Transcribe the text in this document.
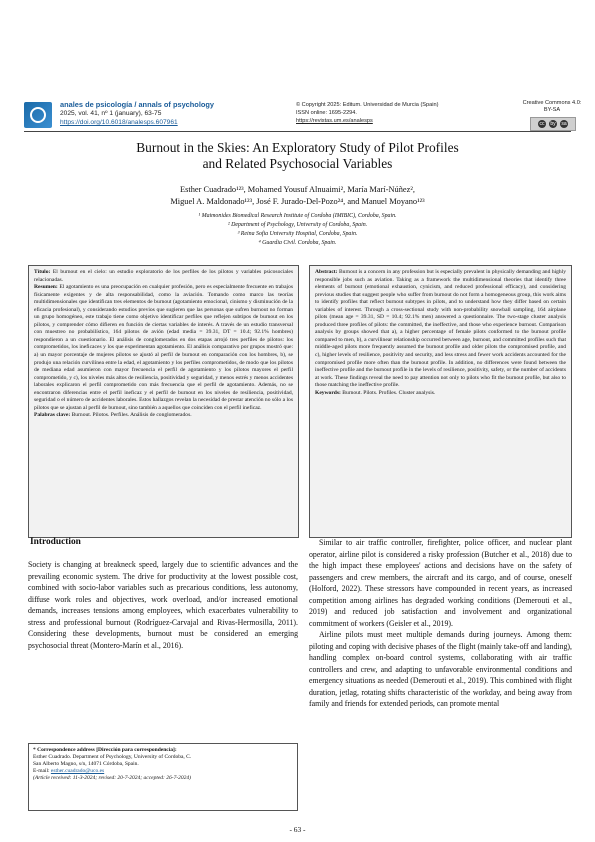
anales de psicología / annals of psychology
2025, vol. 41, nº 1 (january), 63-75
https://doi.org/10.6018/analesps.607961
© Copyright 2025: Editum. Universidad de Murcia (Spain)
ISSN online: 1695-2294.
https://revistas.um.es/analesps
Creative Commons 4.0: BY-SA
cc	by sa
Burnout in the Skies: An Exploratory Study of Pilot Profiles
and Related Psychosocial Variables
Esther Cuadrado¹²³, Mohamed Yousuf Alnuaimi², María Marí-Núñez²,
Miguel A. Maldonado¹²³, José F. Jurado-Del-Pozo²⁴, and Manuel Moyano¹²³
¹ Maimonides Biomedical Research Institute of Cordoba (IMIBIC), Cordoba, Spain.
² Department of Psychology, University of Cordoba, Spain.
³ Reina Sofia University Hospital, Cordoba, Spain.
⁴ Guardia Civil. Cordoba, Spain.

Título: El burnout en el cielo: un estudio exploratorio de los perfiles de los pilotos y variables psicosociales relacionadas.

Resumen: El agotamiento es una preocupación en cualquier profesión, pero es especialmente frecuente en trabajos físicamente exigentes y de alta responsabilidad, como la aviación. Tomando como marco las teorías multidimensionales que identifican tres elementos de burnout (agotamiento emocional, cinismo y disminución de la eficacia profesional), y considerando estudios previos que sugieren que las personas que sufren burnout no forman un grupo homogéneo, este trabajo tiene como objetivo identificar perfiles que reflejen subtipos de burnout en los pilotos, y comprender cómo difieren en función de ciertas variables de interés. A través de un estudio transversal con muestreo no probabilístico, 164 pilotos de avión (edad media = 39.31, DT = 10.4; 92.1% hombres) respondieron a un cuestionario. El análisis de conglomerados en dos etapas arrojó tres perfiles de pilotos: los comprometidos, los ineficaces y los que experimentan agotamiento. El análisis comparativo por grupos mostró que: a) un mayor porcentaje de mujeres pilotos se ajustó al perfil de burnout en comparación con los hombres, b), se produjo una relación curvilínea entre la edad, el agotamiento y los perfiles comprometidos, de modo que los pilotos de mediana edad asumieron con mayor frecuencia el perfil de agotamiento y los pilotos mayores el perfil comprometido, y c), los niveles más altos de resiliencia, positividad y seguridad, y menos estrés y menos accidentes laborales explicaron el perfil comprometido con más frecuencia que el perfil de agotamiento. Además, no se encontraron diferencias entre el perfil ineficaz y el perfil de burnout en los niveles de resiliencia, positividad, seguridad o el número de accidentes laborales. Estos hallazgos revelan la necesidad de prestar atención no sólo a los pilotos que se ajustan al perfil de burnout, sino también a aquellos que coinciden con el perfil ineficaz.

Palabras clave: Burnout. Pilotos. Perfiles. Análisis de conglomerados.

Abstract: Burnout is a concern in any profession but is especially prevalent in physically demanding and highly responsible jobs such as aviation. Taking as a framework the multidimensional theories that identify three elements of burnout (emotional exhaustion, cynicism, and reduced professional efficacy), and considering previous studies that suggest people who suffer from burnout do not form a homogeneous group, this work aims to identify profiles that reflect burnout subtypes in pilots, and to understand how they differ based on certain variables of interest. Through a cross-sectional study with non-probability snowball sampling, 164 airplane pilots (mean age = 39.31, SD = 10.4; 92.1% men) answered a questionnaire. The two-stage cluster analysis produced three profiles of pilots: the committed, the ineffective, and those who experience burnout. Comparison analysis by groups showed that a), a higher percentage of female pilots conformed to the burnout profile compared to men, b), a curvilinear relationship occurred between age, burnout, and committed profiles such that middle-aged pilots more frequently assumed the burnout profile and older pilots the compromised profile, and c), higher levels of resilience, positivity and security, and less stress and fewer work accidents accounted for the compromised profile more often than the burnout profile. In addition, no differences were found between the ineffective profile and the burnout profile in the levels of resilience, positivity, safety, or the number of accidents at work. These findings reveal the need to pay attention not only to pilots who fit the burnout profile, but also to those matching the ineffective profile.

Keywords: Burnout. Pilots. Profiles. Cluster analysis.

Introduction

Society is changing at breakneck speed, largely due to scientific advances and the prevailing economic system. The drive for productivity at the lowest possible cost, combined with socio-labor variables such as precarious conditions, less autonomy, diffuse work roles and objectives, work overload, and/or increased emotional demands, increases tensions among employees, which exacerbates vulnerability to stress and professional burnout (Rodríguez-Carvajal and Rivas-Hermosilla, 2011). Considering these developments, burnout must be considered an emerging psychosocial threat (Montero-Marín et al., 2016).

Similar to air traffic controller, firefighter, police officer, and nuclear plant operator, airline pilot is considered a risky profession (Butcher et al., 2018) due to the high impact these employees' actions and decisions have on the safety of passengers and crew members, the aircraft and its cargo, and of course, oneself (Holford, 2022). These stressors have compounded in recent years, as increased competition among airlines has degraded working conditions (Demerouti et al., 2019) and reduced job satisfaction and involvement and organizational commitment of workers (Geisler et al., 2019).

Airline pilots must meet multiple demands during journeys. Among them: piloting and coping with decisive phases of the flight (mainly take-off and landing), handling complex on-board control systems, collaborating with air traffic controllers and crew, and adapting to unfavorable environmental conditions and emergency situations as needed (Demerouti et al., 2019). This combined with flight duration, jetlag, rotating shifts characteristic of the workday, and being away from family and friends for extended periods, can promote mental

* Correspondence address [Dirección para correspondencia]:
Esther Cuadrado. Department of Psychology, University of Cordoba, C.
San Alberto Magno, s/n, 14071 Córdoba, Spain.
E-mail: esther.cuadrado@uco.es
(Article received: 11-3-2024; revised: 20-7-2024; accepted: 26-7-2024)
- 63 -
